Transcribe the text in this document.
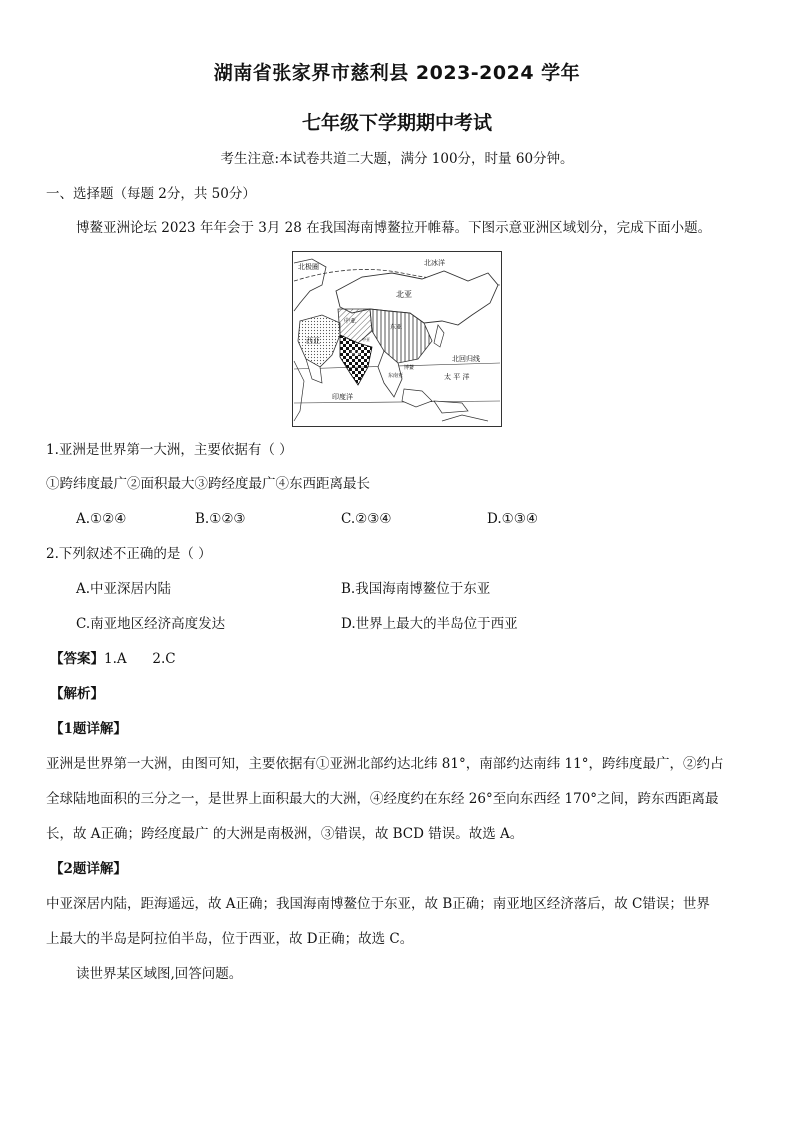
湖南省张家界市慈利县 2023-2024 学年
七年级下学期期中考试
考生注意:本试卷共道二大题，满分 100分，时量 60分钟。
一、选择题（每题 2分，共 50分）
博鳌亚洲论坛 2023 年年会于 3月 28 在我国海南博鳌拉开帷幕。下图示意亚洲区域划分，完成下面小题。
北极圈	北冰洋
北亚
中亚
西亚
东亚
南亚
东南亚
博鳌
北回归线
太 平 洋
印度洋
中亚
1.亚洲是世界第一大洲，主要依据有（ ）
①跨纬度最广②面积最大③跨经度最广④东西距离最长
A.①②④	B.①②③	C.②③④	D.①③④
2.下列叙述不正确的是（ ）
A.中亚深居内陆	B.我国海南博鳌位于东亚
C.南亚地区经济高度发达	D.世界上最大的半岛位于西亚
【答案】1.A      2.C
【解析】
【1题详解】
亚洲是世界第一大洲，由图可知，主要依据有①亚洲北部约达北纬 81°，南部约达南纬 11°，跨纬度最广，②约占
全球陆地面积的三分之一，是世界上面积最大的大洲，④经度约在东经 26°至向东西经 170°之间，跨东西距离最
长，故 A正确；跨经度最广 的大洲是南极洲，③错误，故 BCD 错误。故选 A。
【2题详解】
中亚深居内陆，距海遥远，故 A正确；我国海南博鳌位于东亚，故 B正确；南亚地区经济落后，故 C错误；世界
上最大的半岛是阿拉伯半岛，位于西亚，故 D正确；故选 C。
读世界某区域图,回答问题。
